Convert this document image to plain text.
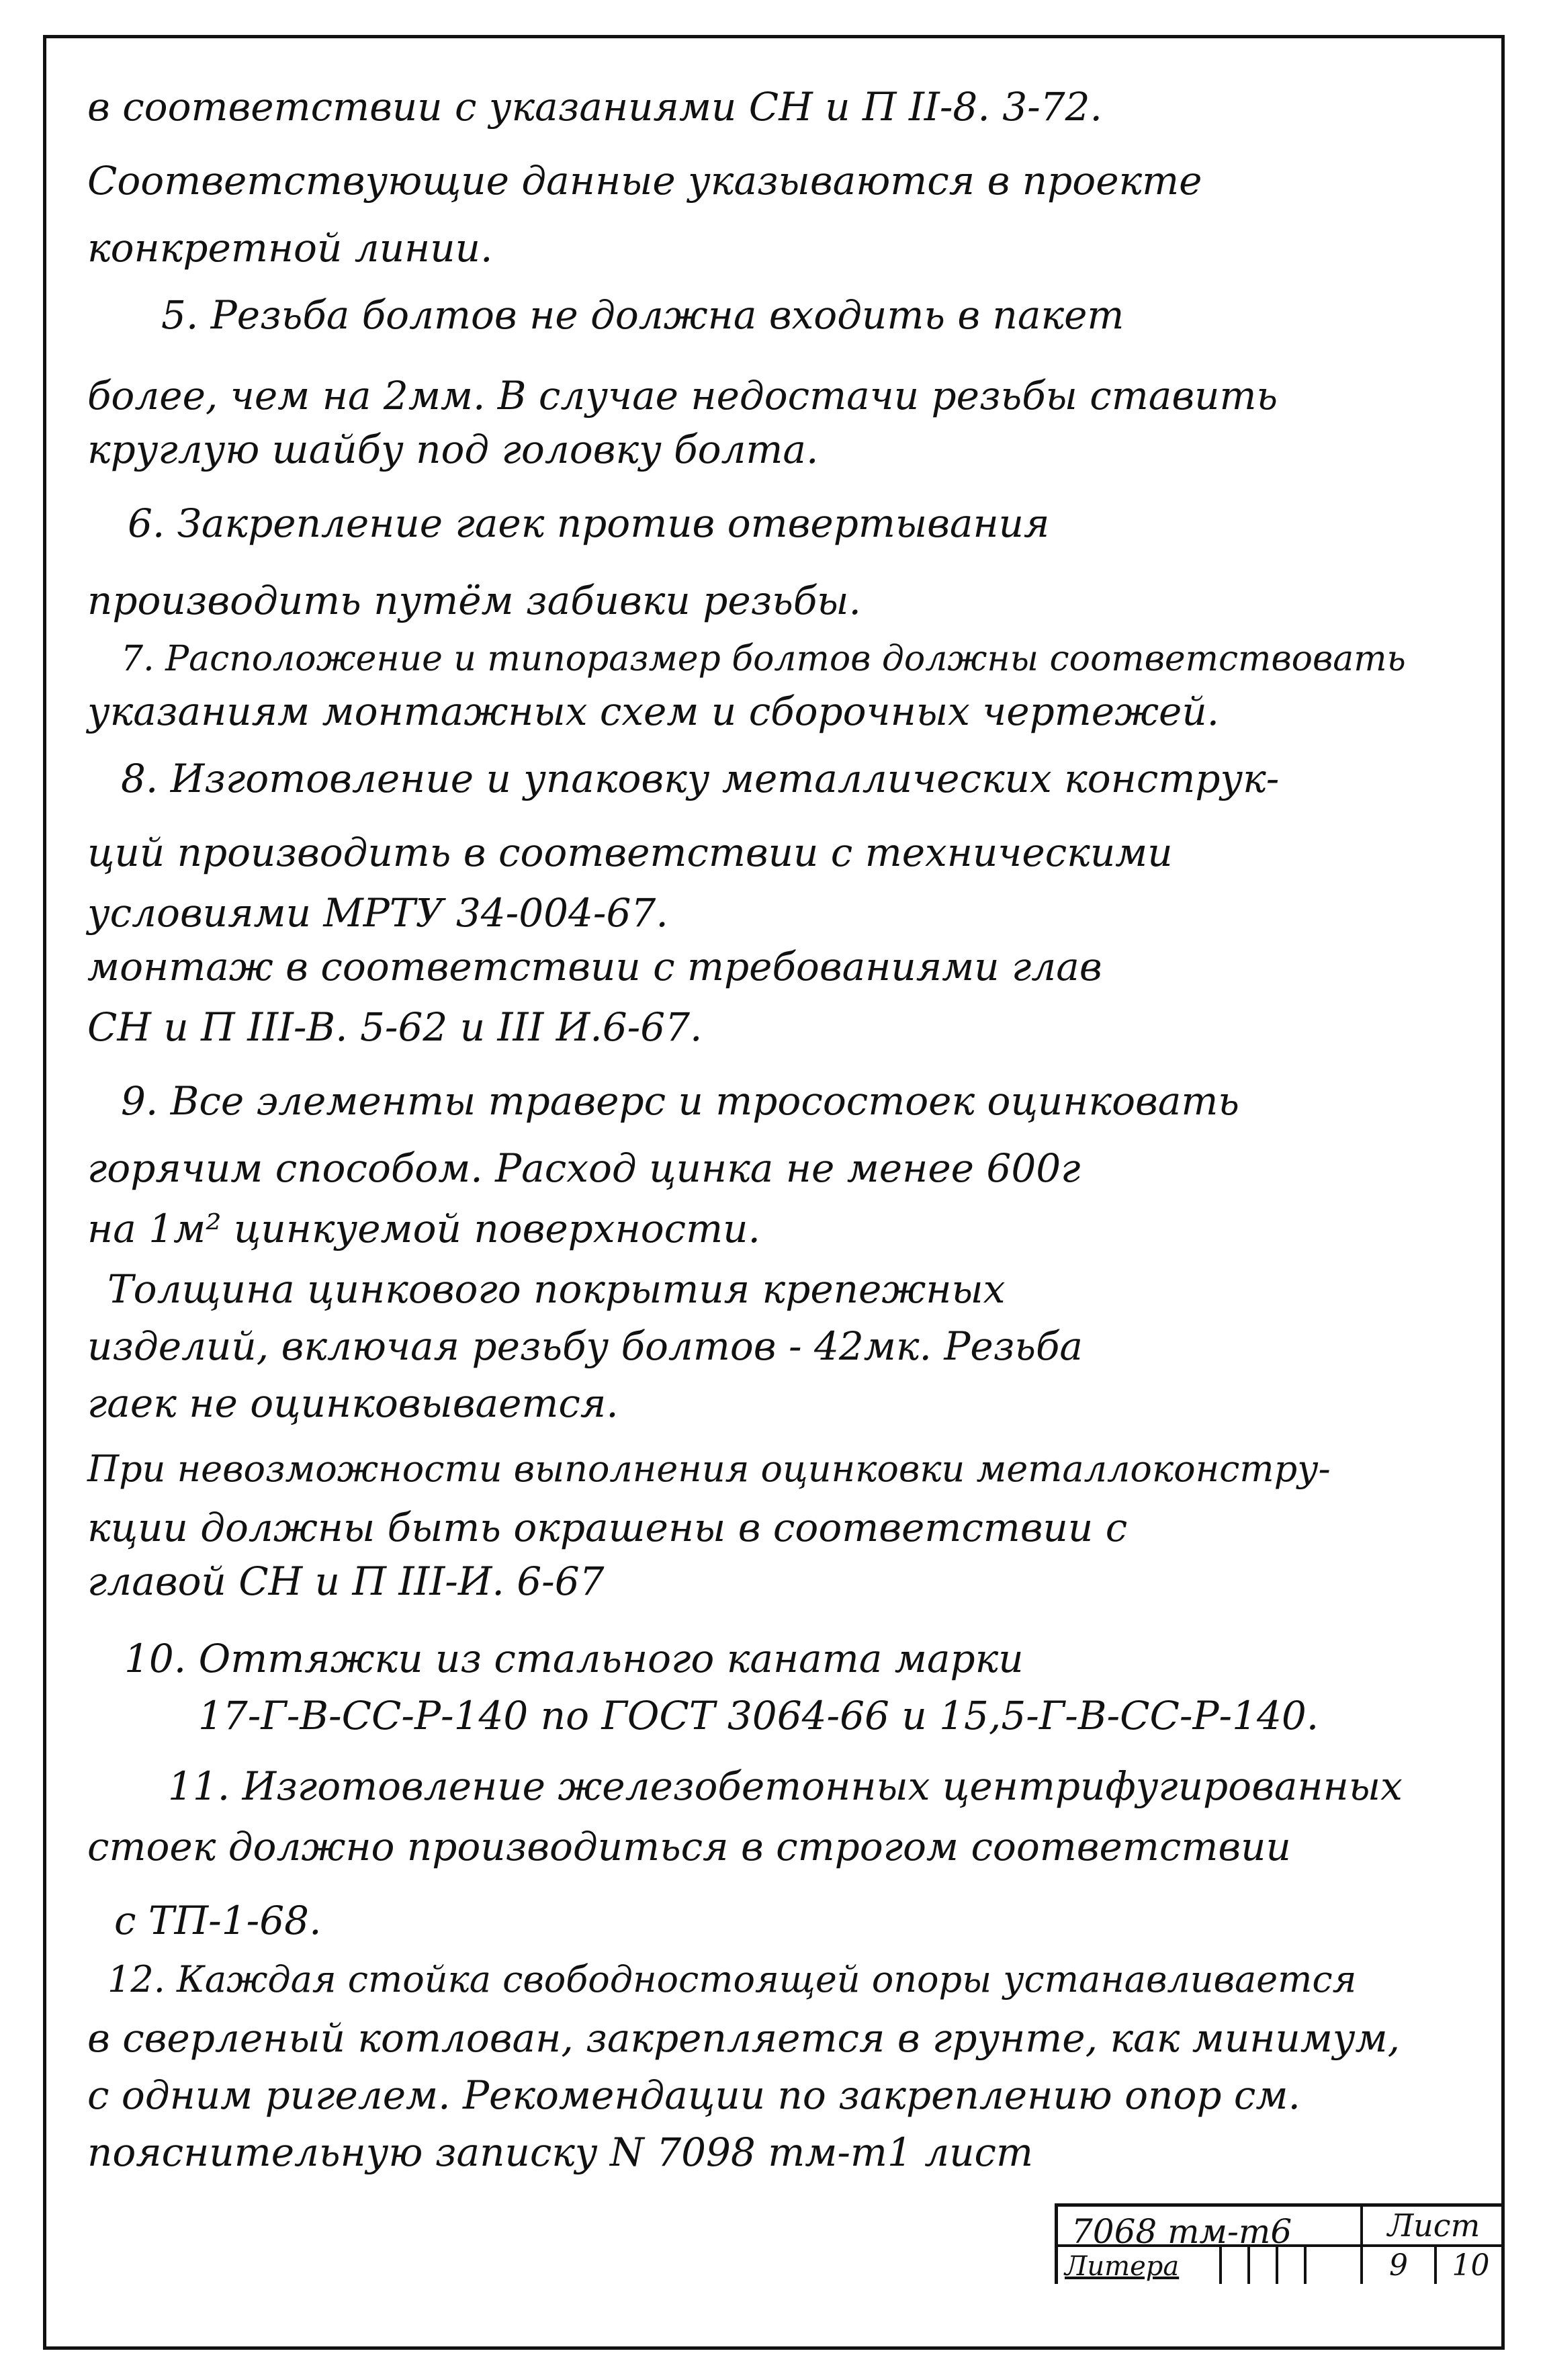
в соответствии с указаниями СН и П II-8. 3-72.
Соответствующие данные указываются в проекте
конкретной линии.
5. Резьба болтов не должна входить в пакет
более, чем на 2мм. В случае недостачи резьбы ставить
круглую шайбу под головку болта.
6. Закрепление гаек против отвертывания
производить путём забивки резьбы.
7. Расположение и типоразмер болтов должны соответствовать
указаниям монтажных схем и сборочных чертежей.
8. Изготовление и упаковку металлических конструк-
ций производить в соответствии с техническими
условиями МРТУ 34-004-67.
монтаж в соответствии с требованиями глав
СН и П III-В. 5-62 и III И.6-67.
9. Все элементы траверс и тросостоек оцинковать
горячим способом. Расход цинка не менее 600г
на 1м² цинкуемой поверхности.
Толщина цинкового покрытия крепежных
изделий, включая резьбу болтов - 42мк. Резьба
гаек не оцинковывается.
При невозможности выполнения оцинковки металлоконстру-
кции должны быть окрашены в соответствии с
главой СН и П III-И. 6-67
10. Оттяжки из стального каната марки
17-Г-В-СС-Р-140 по ГОСТ 3064-66 и 15,5-Г-В-СС-Р-140.
11. Изготовление железобетонных центрифугированных
стоек должно производиться в строгом соответствии
с ТП-1-68.
12. Каждая стойка свободностоящей опоры устанавливается
в сверленый котлован, закрепляется в грунте, как минимум,
с одним ригелем. Рекомендации по закреплению опор см.
пояснительную записку N 7098 тм-т1 лист
7068 тм-т6	Лист
Литера	9	10
